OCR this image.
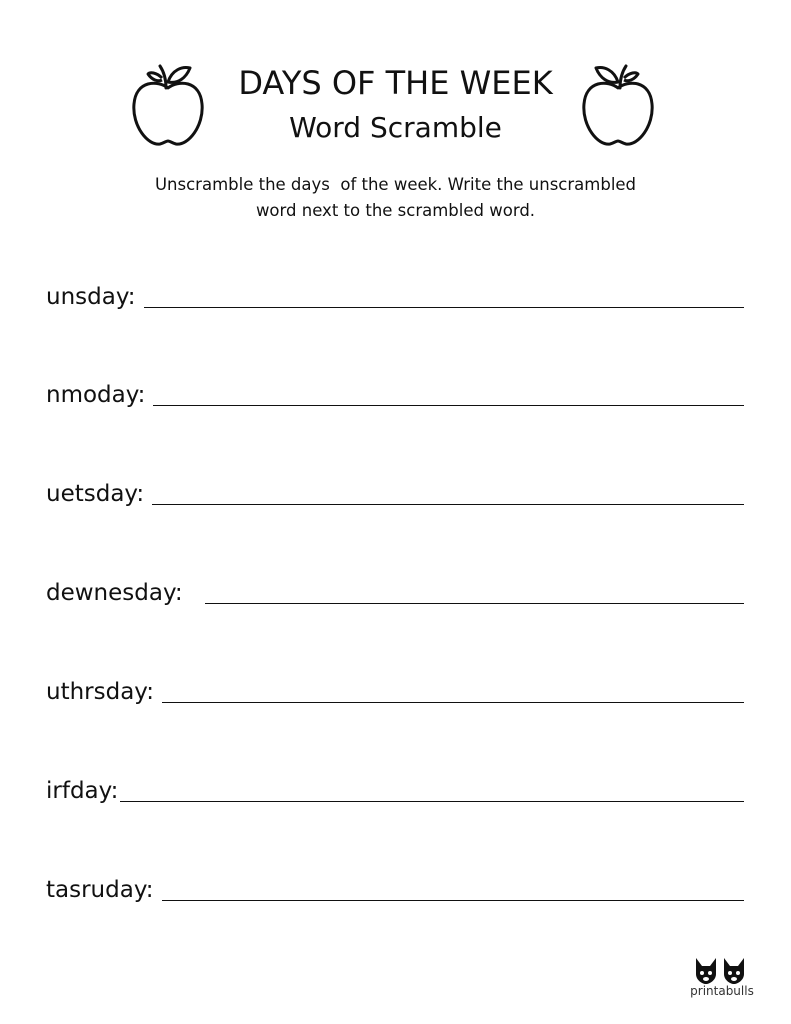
DAYS OF THE WEEK
Word Scramble
Unscramble the days  of the week. Write the unscrambled
word next to the scrambled word.
unsday:
nmoday:
uetsday:
dewnesday:
uthrsday:
irfday:
tasruday:
printabulls
